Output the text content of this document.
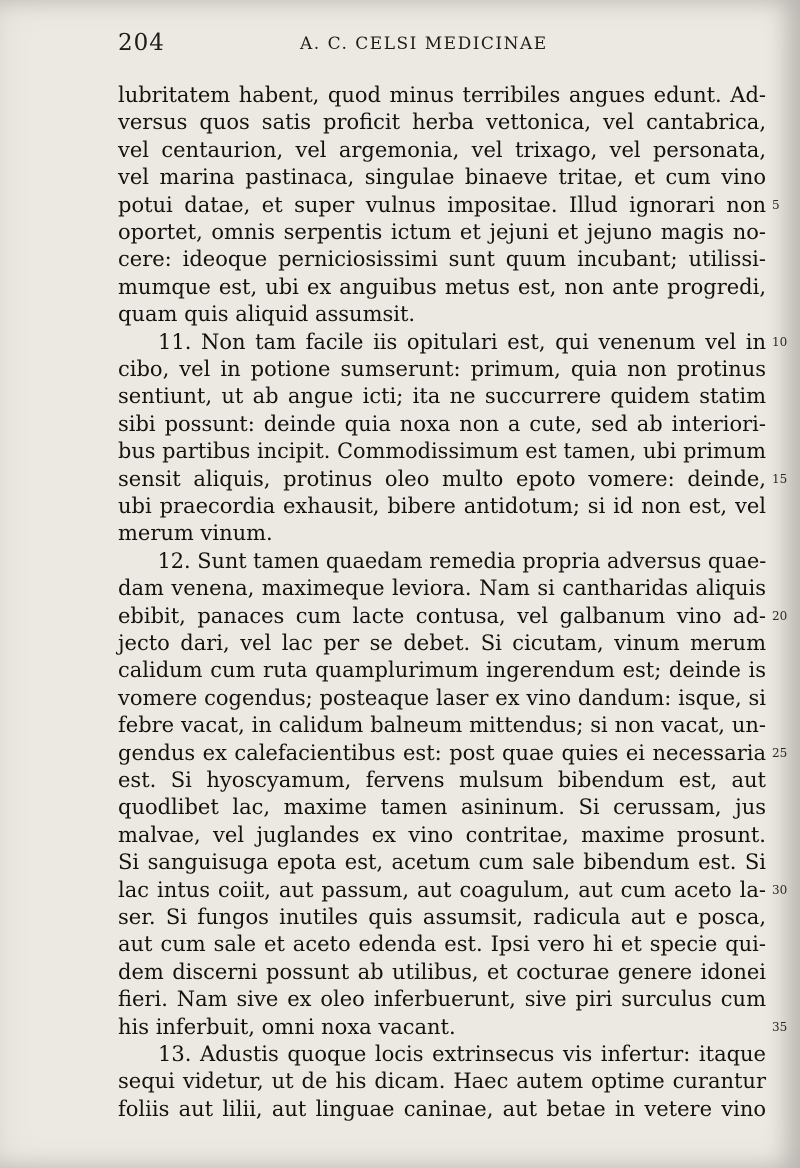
204	A. C. CELSI MEDICINAE
lubritatem habent, quod minus terribiles angues edunt. Ad-
versus quos satis proficit herba vettonica, vel cantabrica,
vel centaurion, vel argemonia, vel trixago, vel personata,
vel marina pastinaca, singulae binaeve tritae, et cum vino
potui datae, et super vulnus impositae. Illud ignorari non
oportet, omnis serpentis ictum et jejuni et jejuno magis no-
cere: ideoque perniciosissimi sunt quum incubant; utilissi-
mumque est, ubi ex anguibus metus est, non ante progredi,
quam quis aliquid assumsit.
11. Non tam facile iis opitulari est, qui venenum vel in
cibo, vel in potione sumserunt: primum, quia non protinus
sentiunt, ut ab angue icti; ita ne succurrere quidem statim
sibi possunt: deinde quia noxa non a cute, sed ab interiori-
bus partibus incipit. Commodissimum est tamen, ubi primum
sensit aliquis, protinus oleo multo epoto vomere: deinde,
ubi praecordia exhausit, bibere antidotum; si id non est, vel
merum vinum.
12. Sunt tamen quaedam remedia propria adversus quae-
dam venena, maximeque leviora. Nam si cantharidas aliquis
ebibit, panaces cum lacte contusa, vel galbanum vino ad-
jecto dari, vel lac per se debet. Si cicutam, vinum merum
calidum cum ruta quamplurimum ingerendum est; deinde is
vomere cogendus; posteaque laser ex vino dandum: isque, si
febre vacat, in calidum balneum mittendus; si non vacat, un-
gendus ex calefacientibus est: post quae quies ei necessaria
est. Si hyoscyamum, fervens mulsum bibendum est, aut
quodlibet lac, maxime tamen asininum. Si cerussam, jus
malvae, vel juglandes ex vino contritae, maxime prosunt.
Si sanguisuga epota est, acetum cum sale bibendum est. Si
lac intus coiit, aut passum, aut coagulum, aut cum aceto la-
ser. Si fungos inutiles quis assumsit, radicula aut e posca,
aut cum sale et aceto edenda est. Ipsi vero hi et specie qui-
dem discerni possunt ab utilibus, et cocturae genere idonei
fieri. Nam sive ex oleo inferbuerunt, sive piri surculus cum
his inferbuit, omni noxa vacant.
13. Adustis quoque locis extrinsecus vis infertur: itaque
sequi videtur, ut de his dicam. Haec autem optime curantur
foliis aut lilii, aut linguae caninae, aut betae in vetere vino
5
10
15
20
25
30
35
